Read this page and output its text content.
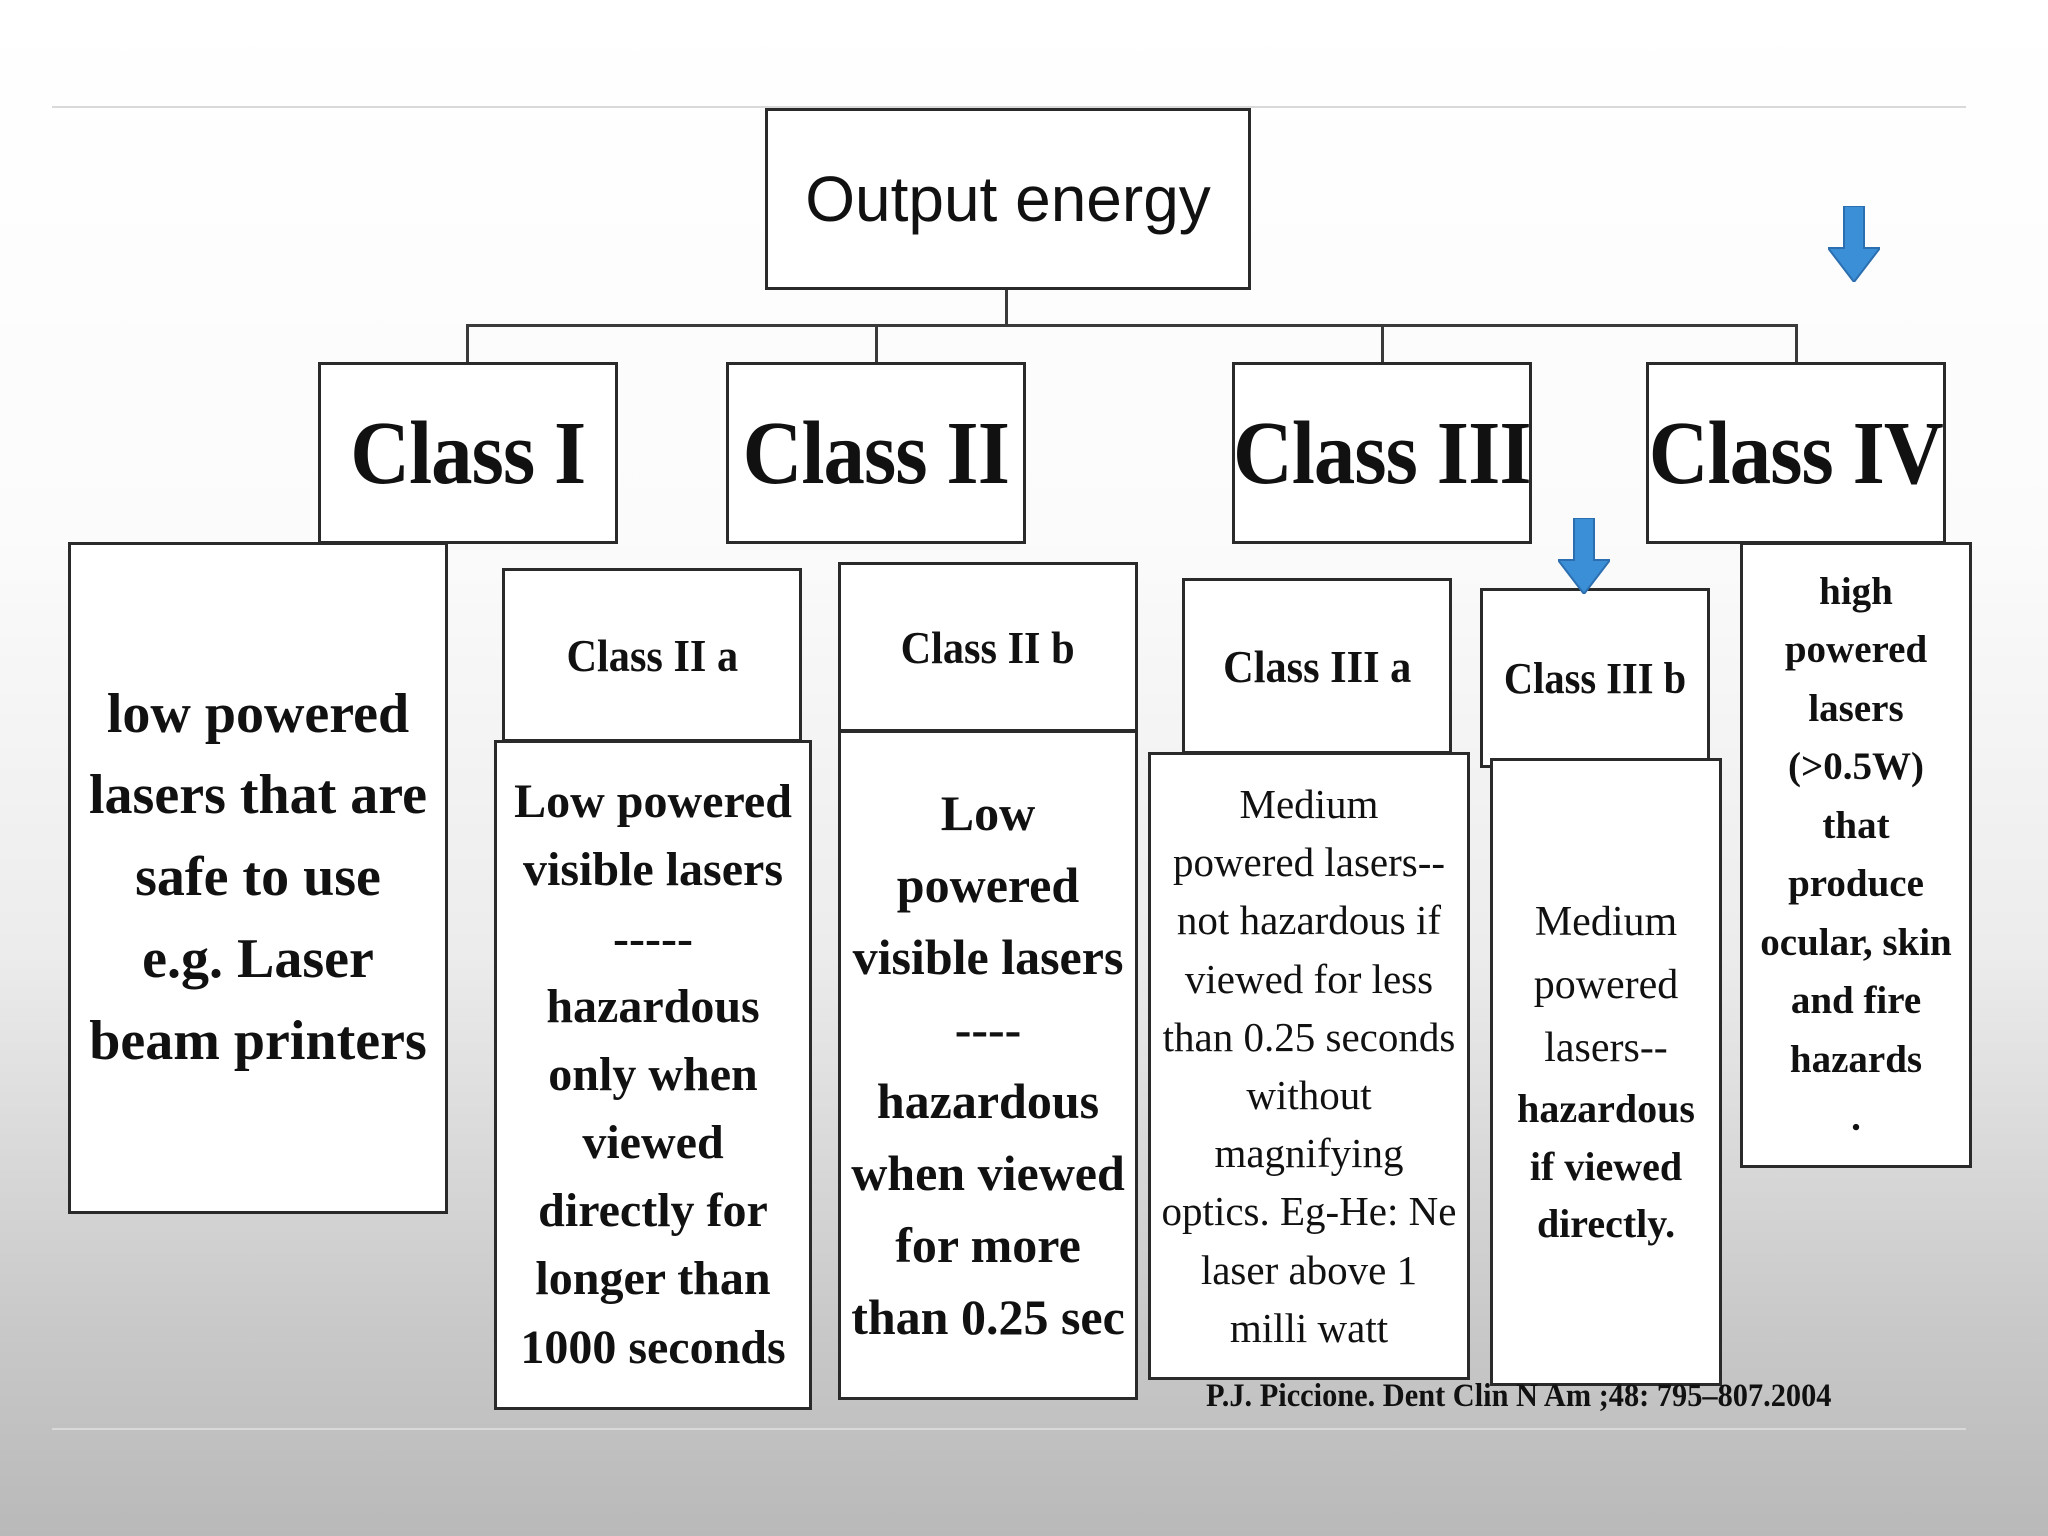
Output energy
Class I Class II Class III Class IV
low powered
lasers that are
safe to use
e.g. Laser
beam printers
Class II a
Low powered
visible lasers
-----
hazardous
only when
viewed
directly for
longer than
1000 seconds
Class II b
Low
powered
visible lasers
----
hazardous
when viewed
for more
than 0.25 sec
Class III a
Medium
powered lasers--
not hazardous if
viewed for less
than 0.25 seconds
without
magnifying
optics. Eg-He: Ne
laser above 1
milli watt
Class III b
Medium
powered
lasers--
hazardous
if viewed
directly.
high
powered
lasers
(>0.5W)
that
produce
ocular, skin
and fire
hazards
.
P.J. Piccione. Dent Clin N Am ;48: 795–807.2004
